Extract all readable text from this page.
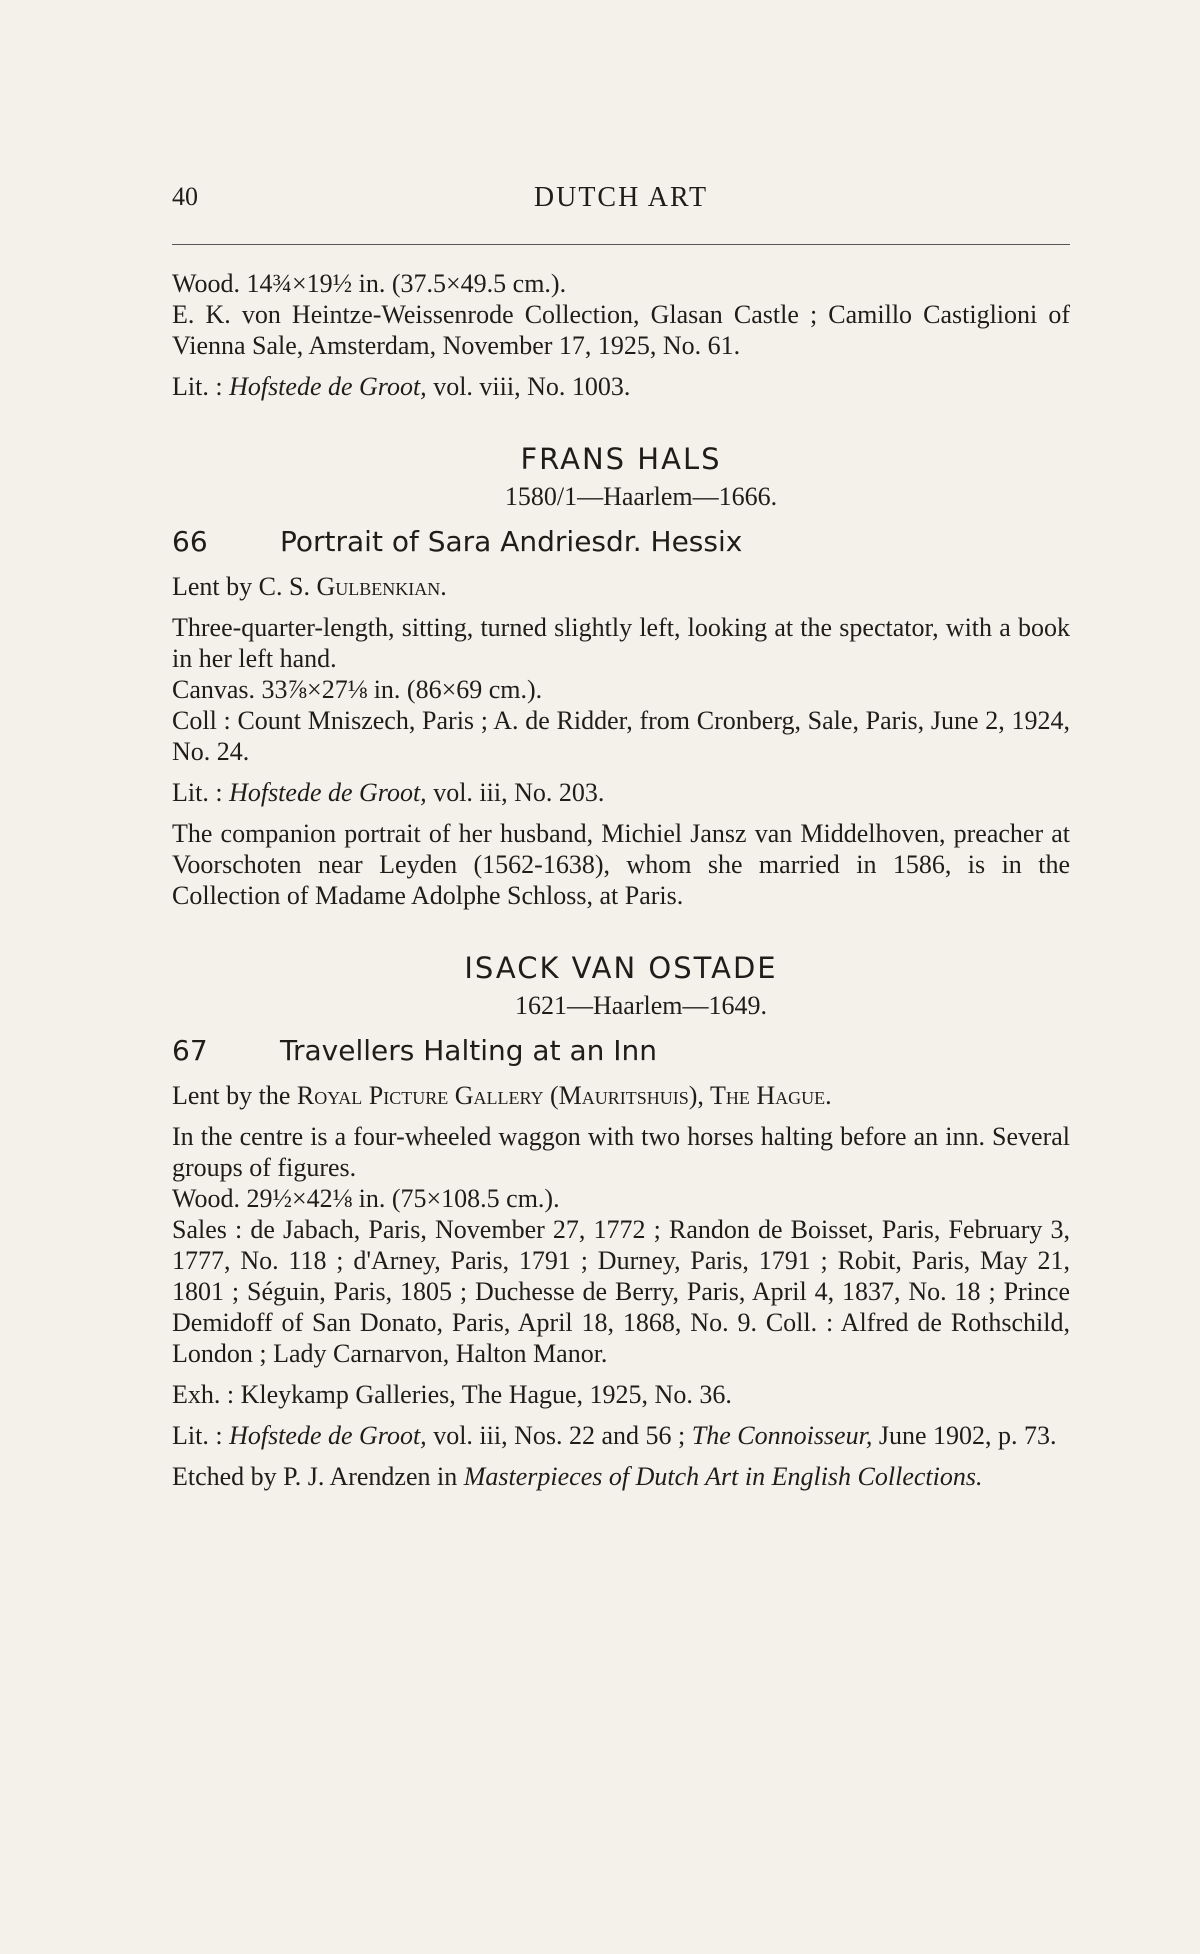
40	DUTCH ART

Wood. 14¾×19½ in. (37.5×49.5 cm.).

E. K. von Heintze-Weissenrode Collection, Glasan Castle ; Camillo Castiglioni of Vienna Sale, Amsterdam, November 17, 1925, No. 61.

Lit. : Hofstede de Groot, vol. viii, No. 1003.

FRANS HALS
1580/1—Haarlem—1666.
66	Portrait of Sara Andriesdr. Hessix

Lent by C. S. Gulbenkian.

Three-quarter-length, sitting, turned slightly left, looking at the spectator, with a book in her left hand.

Canvas. 33⅞×27⅛ in. (86×69 cm.).

Coll : Count Mniszech, Paris ; A. de Ridder, from Cronberg, Sale, Paris, June 2, 1924, No. 24.

Lit. : Hofstede de Groot, vol. iii, No. 203.

The companion portrait of her husband, Michiel Jansz van Middelhoven, preacher at Voorschoten near Leyden (1562-1638), whom she married in 1586, is in the Collection of Madame Adolphe Schloss, at Paris.

ISACK VAN OSTADE
1621—Haarlem—1649.
67	Travellers Halting at an Inn

Lent by the Royal Picture Gallery (Mauritshuis), The Hague.

In the centre is a four-wheeled waggon with two horses halting before an inn. Several groups of figures.

Wood. 29½×42⅛ in. (75×108.5 cm.).

Sales : de Jabach, Paris, November 27, 1772 ; Randon de Boisset, Paris, February 3, 1777, No. 118 ; d'Arney, Paris, 1791 ; Durney, Paris, 1791 ; Robit, Paris, May 21, 1801 ; Séguin, Paris, 1805 ; Duchesse de Berry, Paris, April 4, 1837, No. 18 ; Prince Demidoff of San Donato, Paris, April 18, 1868, No. 9. Coll. : Alfred de Rothschild, London ; Lady Carnarvon, Halton Manor.

Exh. : Kleykamp Galleries, The Hague, 1925, No. 36.

Lit. : Hofstede de Groot, vol. iii, Nos. 22 and 56 ; The Connoisseur, June 1902, p. 73.

Etched by P. J. Arendzen in Masterpieces of Dutch Art in English Collections.
